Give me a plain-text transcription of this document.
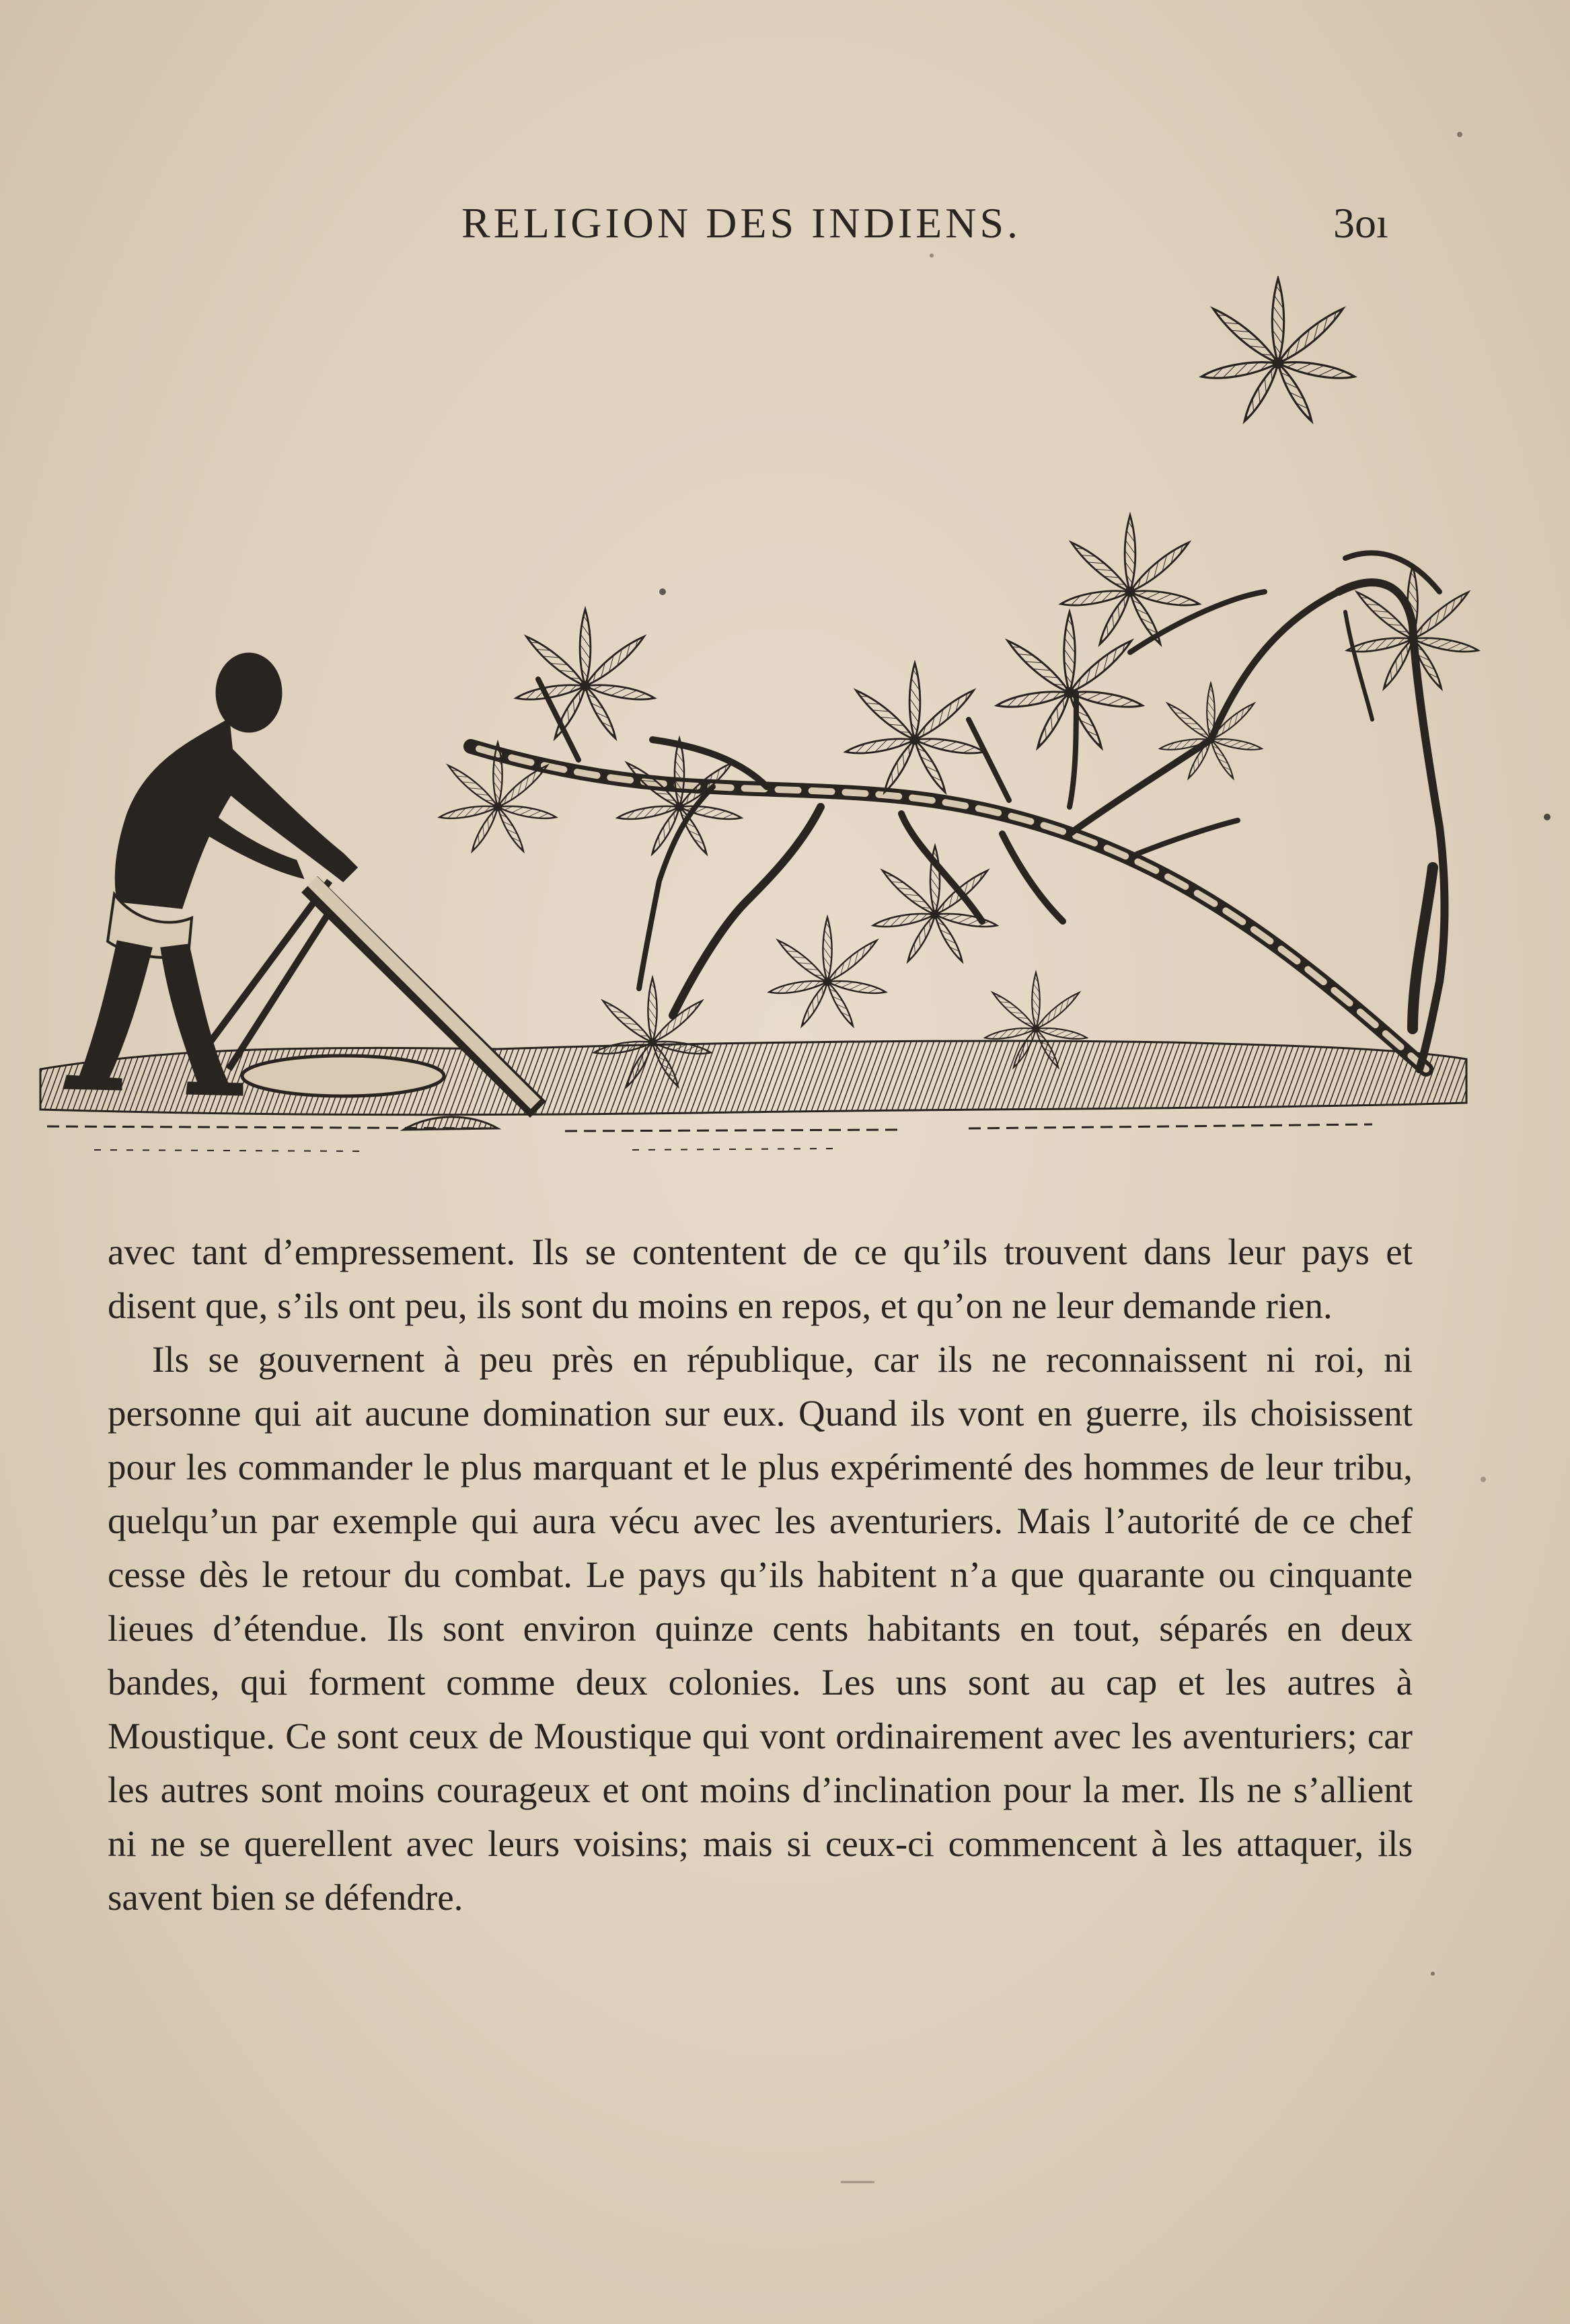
RELIGION DES INDIENS.	3oı

avec tant d’empressement. Ils se contentent de ce qu’ils trouvent dans leur pays et disent que, s’ils ont peu, ils sont du moins en repos, et qu’on ne leur demande rien.

Ils se gouvernent à peu près en république, car ils ne reconnaissent ni roi, ni personne qui ait aucune domination sur eux. Quand ils vont en guerre, ils choisissent pour les commander le plus marquant et le plus expérimenté des hommes de leur tribu, quelqu’un par exemple qui aura vécu avec les aventuriers. Mais l’autorité de ce chef cesse dès le retour du combat. Le pays qu’ils habitent n’a que quarante ou cinquante lieues d’étendue. Ils sont environ quinze cents habitants en tout, séparés en deux bandes, qui forment comme deux colonies. Les uns sont au cap et les autres à Moustique. Ce sont ceux de Moustique qui vont ordinairement avec les aventuriers; car les autres sont moins courageux et ont moins d’inclination pour la mer. Ils ne s’allient ni ne se querellent avec leurs voisins; mais si ceux-ci commencent à les attaquer, ils savent bien se défendre.
